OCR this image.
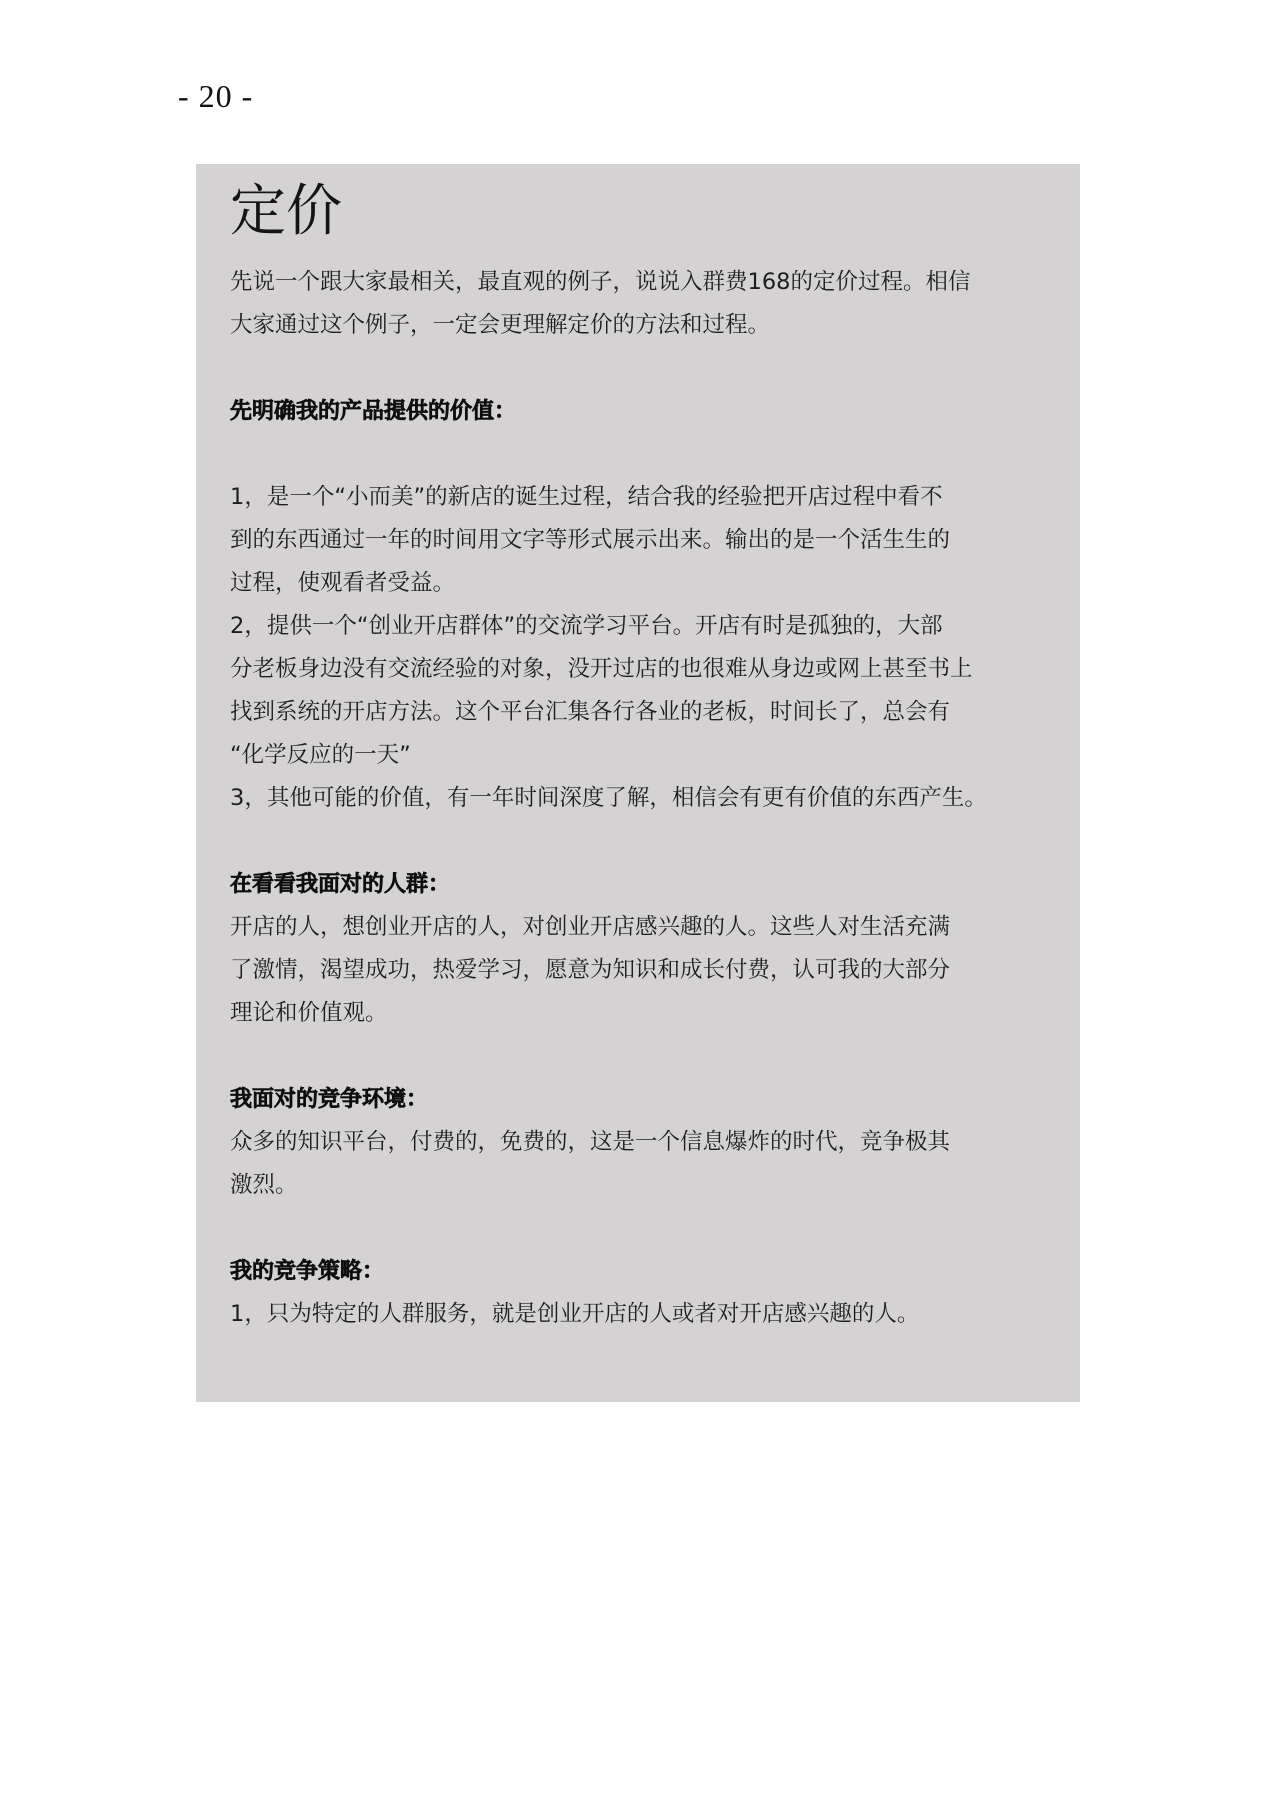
- 20 -
定价

先说一个跟大家最相关，最直观的例子，说说入群费168的定价过程。相信
大家通过这个例子，一定会更理解定价的方法和过程。

先明确我的产品提供的价值：

1，是一个“小而美”的新店的诞生过程，结合我的经验把开店过程中看不
到的东西通过一年的时间用文字等形式展示出来。输出的是一个活生生的
过程，使观看者受益。

2，提供一个“创业开店群体”的交流学习平台。开店有时是孤独的，大部
分老板身边没有交流经验的对象，没开过店的也很难从身边或网上甚至书上
找到系统的开店方法。这个平台汇集各行各业的老板，时间长了，总会有
“化学反应的一天”

3，其他可能的价值，有一年时间深度了解，相信会有更有价值的东西产生。

在看看我面对的人群：

开店的人，想创业开店的人，对创业开店感兴趣的人。这些人对生活充满
了激情，渴望成功，热爱学习，愿意为知识和成长付费，认可我的大部分
理论和价值观。

我面对的竞争环境：

众多的知识平台，付费的，免费的，这是一个信息爆炸的时代，竞争极其
激烈。

我的竞争策略：

1，只为特定的人群服务，就是创业开店的人或者对开店感兴趣的人。
